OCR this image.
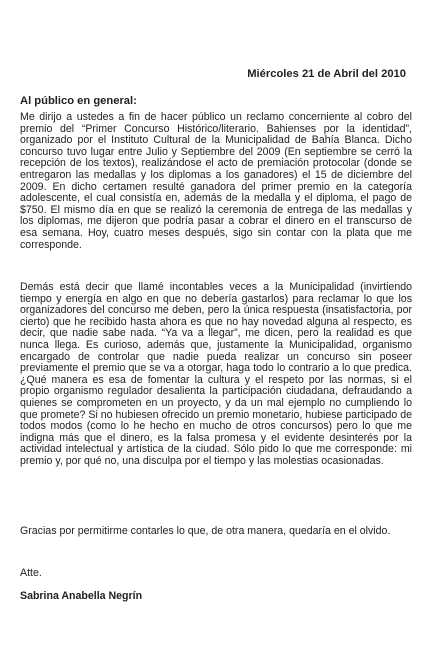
Miércoles 21 de Abril del 2010
Al público en general:

Me dirijo a ustedes a fin de hacer público un reclamo concerniente al cobro del premio del “Primer Concurso Histórico/literario. Bahienses por la identidad”, organizado por el Instituto Cultural de la Municipalidad de Bahía Blanca. Dicho concurso tuvo lugar entre Julio y Septiembre del 2009 (En septiembre se cerró la recepción de los textos), realizándose el acto de premiación protocolar (donde se entregaron las medallas y los diplomas a los ganadores) el 15 de diciembre del 2009. En dicho certamen resulté ganadora del primer premio en la categoría adolescente, el cual consistía en, además de la medalla y el diploma, el pago de $750. El mismo día en que se realizó la ceremonia de entrega de las medallas y los diplomas, me dijeron que podría pasar a cobrar el dinero en el transcurso de esa semana. Hoy, cuatro meses después, sigo sin contar con la plata que me corresponde.

Demás está decir que llamé incontables veces a la Municipalidad (invirtiendo tiempo y energía en algo en que no debería gastarlos) para reclamar lo que los organizadores del concurso me deben, pero la única respuesta (insatisfactoria, por cierto) que he recibido hasta ahora es que no hay novedad alguna al respecto, es decir, que nadie sabe nada. “Ya va a llegar”, me dicen, pero la realidad es que nunca llega. Es curioso, además que, justamente la Municipalidad, organismo encargado de controlar que nadie pueda realizar un concurso sin poseer previamente el premio que se va a otorgar, haga todo lo contrario a lo que predica. ¿Qué manera es esa de fomentar la cultura y el respeto por las normas, si el propio organismo regulador desalienta la participación ciudadana, defraudando a quienes se comprometen en un proyecto, y da un mal ejemplo no cumpliendo lo que promete? Si no hubiesen ofrecido un premio monetario, hubiese participado de todos modos (como lo he hecho en mucho de otros concursos) pero lo que me indigna más que el dinero, es la falsa promesa y el evidente desinterés por la actividad intelectual y artística de la ciudad. Sólo pido lo que me corresponde: mi premio y, por qué no, una disculpa por el tiempo y las molestias ocasionadas.

Gracias por permitirme contarles lo que, de otra manera, quedaría en el olvido.

Atte.
Sabrina Anabella Negrín
